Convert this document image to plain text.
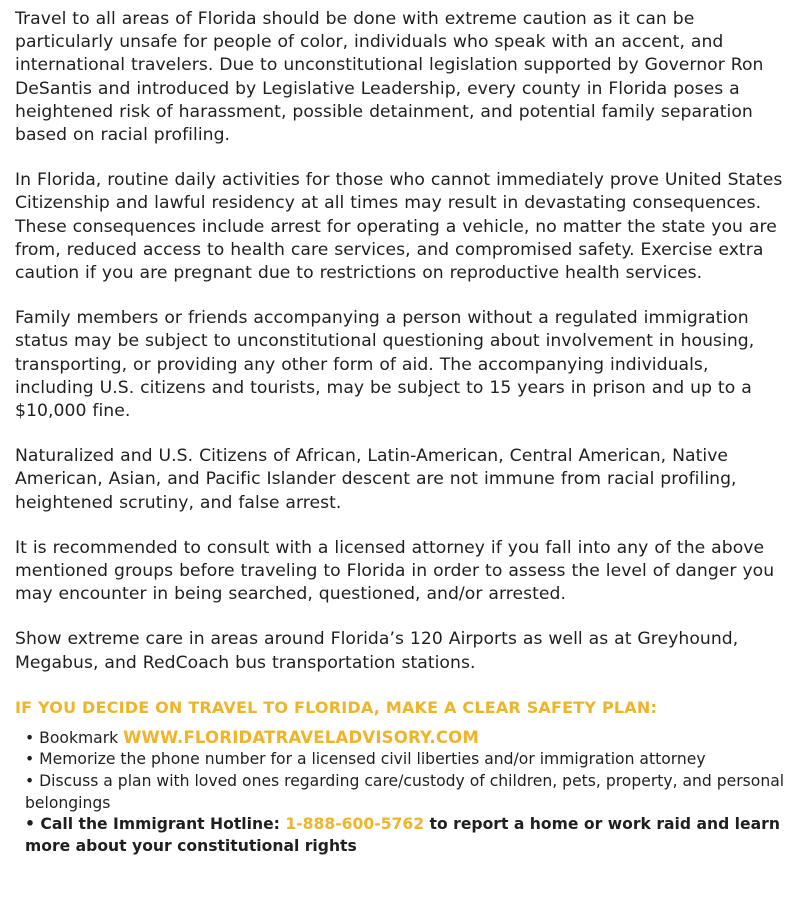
Travel to all areas of Florida should be done with extreme caution as it can be particularly unsafe for people of color, individuals who speak with an accent, and international travelers. Due to unconstitutional legislation supported by Governor Ron DeSantis and introduced by Legislative Leadership, every county in Florida poses a heightened risk of harassment, possible detainment, and potential family separation based on racial profiling.

In Florida, routine daily activities for those who cannot immediately prove United States Citizenship and lawful residency at all times may result in devastating consequences. These consequences include arrest for operating a vehicle, no matter the state you are from, reduced access to health care services, and compromised safety. Exercise extra caution if you are pregnant due to restrictions on reproductive health services.

Family members or friends accompanying a person without a regulated immigration status may be subject to unconstitutional questioning about involvement in housing, transporting, or providing any other form of aid. The accompanying individuals, including U.S. citizens and tourists, may be subject to 15 years in prison and up to a $10,000 fine.

Naturalized and U.S. Citizens of African, Latin-American, Central American, Native American, Asian, and Pacific Islander descent are not immune from racial profiling, heightened scrutiny, and false arrest.

It is recommended to consult with a licensed attorney if you fall into any of the above mentioned groups before traveling to Florida in order to assess the level of danger you may encounter in being searched, questioned, and/or arrested.

Show extreme care in areas around Florida’s 120 Airports as well as at Greyhound, Megabus, and RedCoach bus transportation stations.

IF YOU DECIDE ON TRAVEL TO FLORIDA, MAKE A CLEAR SAFETY PLAN:
• Bookmark WWW.FLORIDATRAVELADVISORY.COM
• Memorize the phone number for a licensed civil liberties and/or immigration attorney
• Discuss a plan with loved ones regarding care/custody of children, pets, property, and personal belongings
• Call the Immigrant Hotline: 1-888-600-5762 to report a home or work raid and learn more about your constitutional rights
